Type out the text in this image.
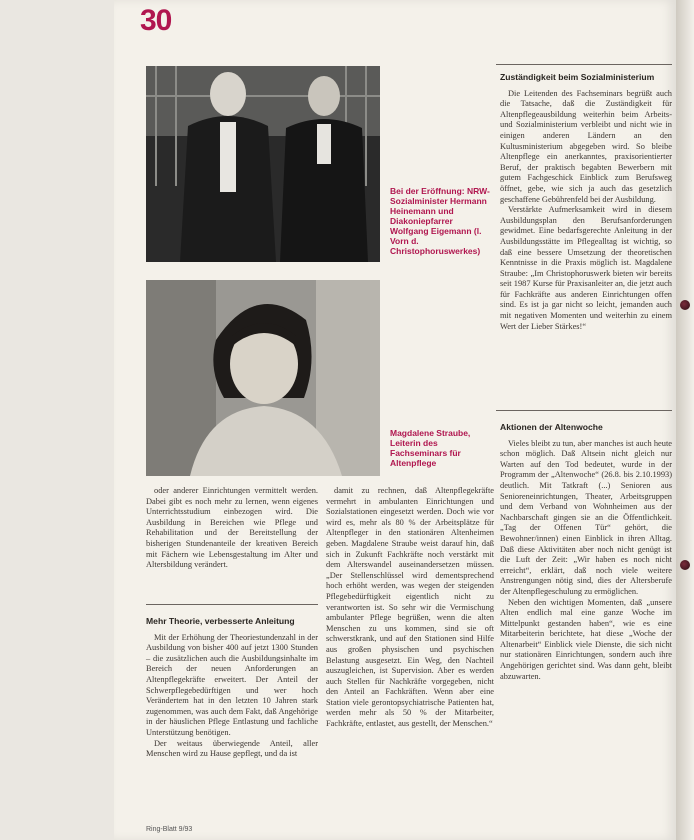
30
Bei der Eröffnung: NRW-Sozialminister Hermann Heinemann und Diakoniepfarrer Wolfgang Eigemann (l. Vorn d. Christophoruswerkes)
Magdalene Straube, Leiterin des Fachseminars für Altenpflege

Zuständigkeit beim Sozialministerium

Die Leitenden des Fachseminars begrüßt auch die Tatsache, daß die Zuständigkeit für Altenpflegeausbildung weiterhin beim Arbeits- und Sozialministerium verbleibt und nicht wie in einigen anderen Ländern an den Kultusministerium abgegeben wird. So bleibe Altenpflege ein anerkanntes, praxisorientierter Beruf, der praktisch begabten Bewerbern mit gutem Fachgeschick Einblick zum Berufsweg öffnet, gebe, wie sich ja auch das gesetzlich geschaffene Gebührenfeld bei der Ausbildung.

Verstärkte Aufmerksamkeit wird in diesem Ausbildungsplan den Berufsanforderungen gewidmet. Eine bedarfsgerechte Anleitung in der Ausbildungsstätte im Pflegealltag ist wichtig, so daß eine bessere Umsetzung der theoretischen Kenntnisse in die Praxis möglich ist. Magdalene Straube: „Im Christophoruswerk bieten wir bereits seit 1987 Kurse für Praxisanleiter an, die jetzt auch für Fachkräfte aus anderen Einrichtungen offen sind. Es ist ja gar nicht so leicht, jemanden auch mit negativen Momenten und weiterhin zu einem Wert der Lieber Stärkes!“

Aktionen der Altenwoche

Vieles bleibt zu tun, aber manches ist auch heute schon möglich. Daß Altsein nicht gleich nur Warten auf den Tod bedeutet, wurde in der Programm der „Altenwoche“ (26.8. bis 2.10.1993) deutlich. Mit Tatkraft (...) Senioren aus Senioreneinrichtungen, Theater, Arbeitsgruppen und dem Verband von Wohnheimen aus der Nachbarschaft gingen sie an die Öffentlichkeit. „Tag der Offenen Tür“ gehört, die Bewohner/innen) einen Einblick in ihren Alltag. Daß diese Aktivitäten aber noch nicht genügt ist die Luft der Zeit: „Wir haben es noch nicht erreicht“, erklärt, daß noch viele weitere Anstrengungen nötig sind, dies der Altersberufe der Altenpflegeschulung zu ermöglichen.

Neben den wichtigen Momenten, daß „unsere Alten endlich mal eine ganze Woche im Mittelpunkt gestanden haben“, wie es eine Mitarbeiterin berichtete, hat diese „Woche der Altenarbeit“ Einblick viele Dienste, die sich nicht nur stationären Einrichtungen, sondern auch ihre Angehörigen gerichtet sind. Was dann geht, bleibt abzuwarten.

oder anderer Einrichtungen vermittelt werden. Dabei gibt es noch mehr zu lernen, wenn eigenes Unterrichtsstudium einbezogen wird. Die Ausbildung in Bereichen wie Pflege und Rehabilitation und der Bereitstellung der bisherigen Stundenanteile der kreativen Bereich mit Fächern wie Lebensgestaltung im Alter und Altersbildung verändert.

Mehr Theorie, verbesserte Anleitung

Mit der Erhöhung der Theoriestundenzahl in der Ausbildung von bisher 400 auf jetzt 1300 Stunden – die zusätzlichen auch die Ausbildungsinhalte im Bereich der neuen Anforderungen an Altenpflegekräfte erweitert. Der Anteil der Schwerpflegebedürftigen und wer hoch Verändertem hat in den letzten 10 Jahren stark zugenommen, was auch dem Fakt, daß Angehörige in der häuslichen Pflege Entlastung und fachliche Unterstützung benötigen.

Der weitaus überwiegende Anteil, aller Menschen wird zu Hause gepflegt, und da ist

damit zu rechnen, daß Altenpflegekräfte vermehrt in ambulanten Einrichtungen und Sozialstationen eingesetzt werden. Doch wie vor wird es, mehr als 80 % der Arbeitsplätze für Altenpfleger in den stationären Altenheimen geben. Magdalene Straube weist darauf hin, daß sich in Zukunft Fachkräfte noch verstärkt mit dem Alterswandel auseinandersetzen müssen. „Der Stellenschlüssel wird dementsprechend hoch erhöht werden, was wegen der steigenden Pflegebedürftigkeit eigentlich nicht zu verantworten ist. So sehr wir die Vermischung ambulanter Pflege begrüßen, wenn die alten Menschen zu uns kommen, sind sie oft schwerstkrank, und auf den Stationen sind Hilfe aus großen physischen und psychischen Belastung ausgesetzt. Ein Weg, den Nachteil auszugleichen, ist Supervision. Aber es werden auch Stellen für Nachkräfte vorgegeben, nicht den Anteil an Fachkräften. Wenn aber eine Station viele gerontopsychiatrische Patienten hat, werden mehr als 50 % der Mitarbeiter, Fachkräfte, entlastet, aus gestellt, der Menschen.“

Ring-Blatt 9/93
